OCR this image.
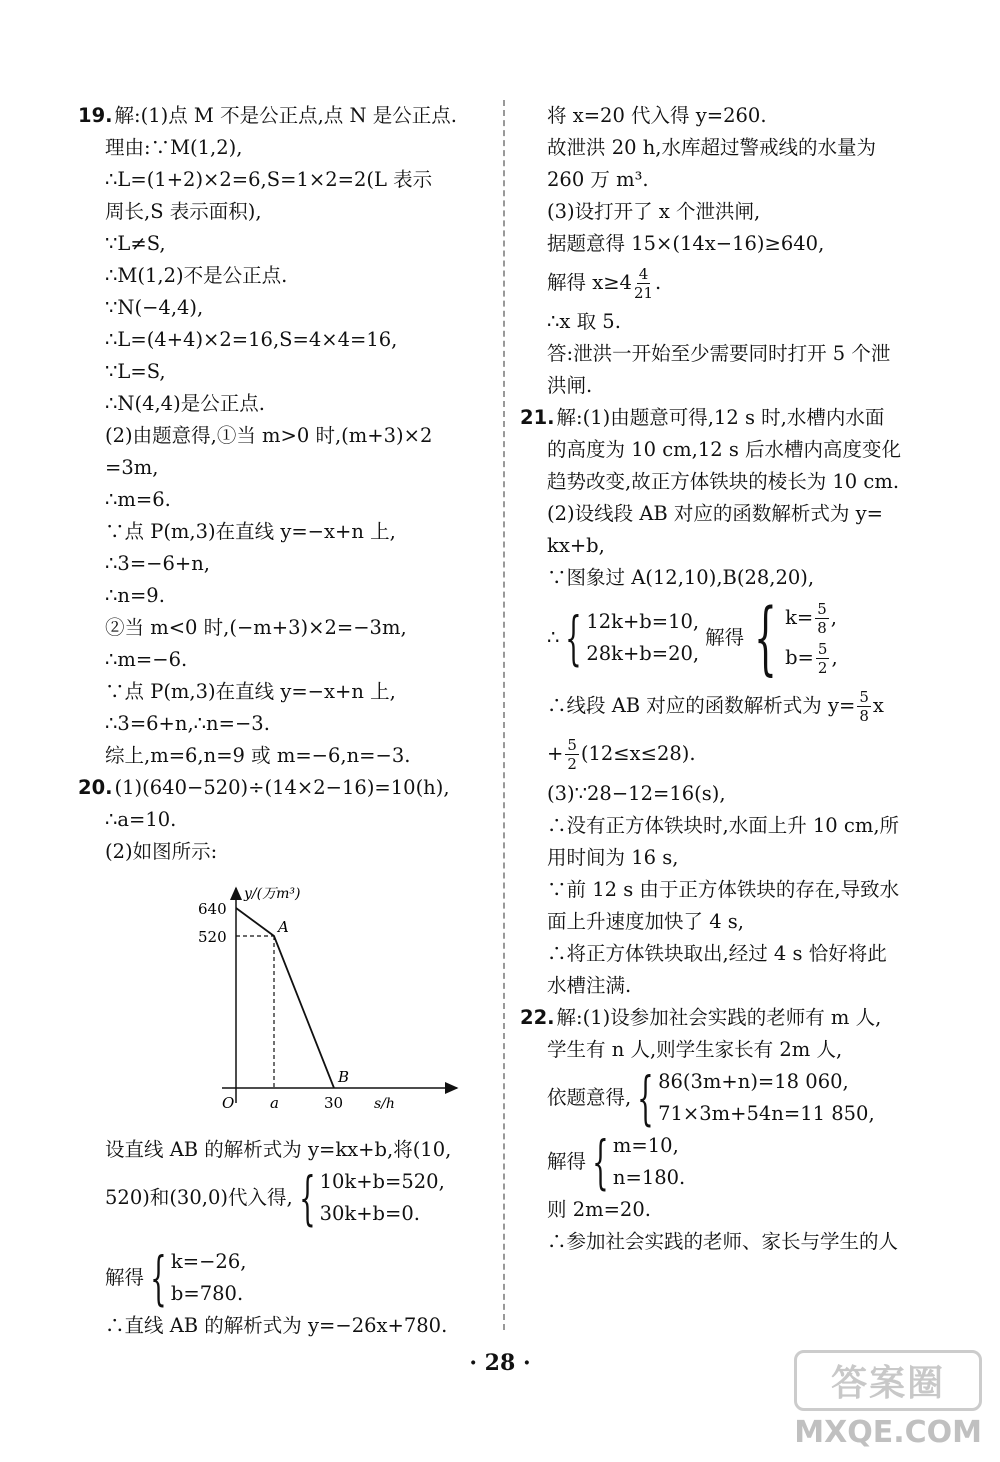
19. 解:(1)点 M 不是公正点,点 N 是公正点.
理由:∵M(1,2),
∴L=(1+2)×2=6,S=1×2=2(L 表示
周长,S 表示面积),
∵L≠S,
∴M(1,2)不是公正点.
∵N(−4,4),
∴L=(4+4)×2=16,S=4×4=16,
∵L=S,
∴N(4,4)是公正点.
(2)由题意得,①当 m>0 时,(m+3)×2
=3m,
∴m=6.
∵点 P(m,3)在直线 y=−x+n 上,
∴3=−6+n,
∴n=9.
②当 m<0 时,(−m+3)×2=−3m,
∴m=−6.
∵点 P(m,3)在直线 y=−x+n 上,
∴3=6+n,∴n=−3.
综上,m=6,n=9 或 m=−6,n=−3.
20. (1)(640−520)÷(14×2−16)=10(h),
∴a=10.
(2)如图所示:
y/(万m³)
640
520
A
B
O a	30 s/h
设直线 AB 的解析式为 y=kx+b,将(10,
520)和(30,0)代入得, { 10k+b=520,
30k+b=0.
解得 { k=−26,
b=780.
∴直线 AB 的解析式为 y=−26x+780.
将 x=20 代入得 y=260.
故泄洪 20 h,水库超过警戒线的水量为
260 万 m³.
(3)设打开了 x 个泄洪闸,
据题意得 15×(14x−16)≥640,
解得 $x\ge 4 \frac{4}{21}$ .
∴x 取 5.
答:泄洪一开始至少需要同时打开 5 个泄
洪闸.
21. 解:(1)由题意可得,12 s 时,水槽内水面
的高度为 10 cm,12 s 后水槽内高度变化
趋势改变,故正方体铁块的棱长为 10 cm.
(2)设线段 AB 对应的函数解析式为 y=
kx+b,
∵图象过 A(12,10),B(28,20),
∴ { 12k+b=10,
28k+b=20,
解得 { $k= \frac{5}{8}$ ,
$b= \frac{5}{2}$ ,
∴线段 AB 对应的函数解析式为 $y= \frac{5}{8}$ x
+ $\frac{5}{2} (12\le x\le 28)$.
(3)∵28−12=16(s),
∴没有正方体铁块时,水面上升 10 cm,所
用时间为 16 s,
∵前 12 s 由于正方体铁块的存在,导致水
面上升速度加快了 4 s,
∴将正方体铁块取出,经过 4 s 恰好将此
水槽注满.
22. 解:(1)设参加社会实践的老师有 m 人,
学生有 n 人,则学生家长有 2m 人,
依题意得, { 86(3m+n)=18 060,
71×3m+54n=11 850,
解得 { m=10,
n=180.
则 2m=20.
∴参加社会实践的老师、家长与学生的人
· 28 ·	答案圈
MXQE.COM
